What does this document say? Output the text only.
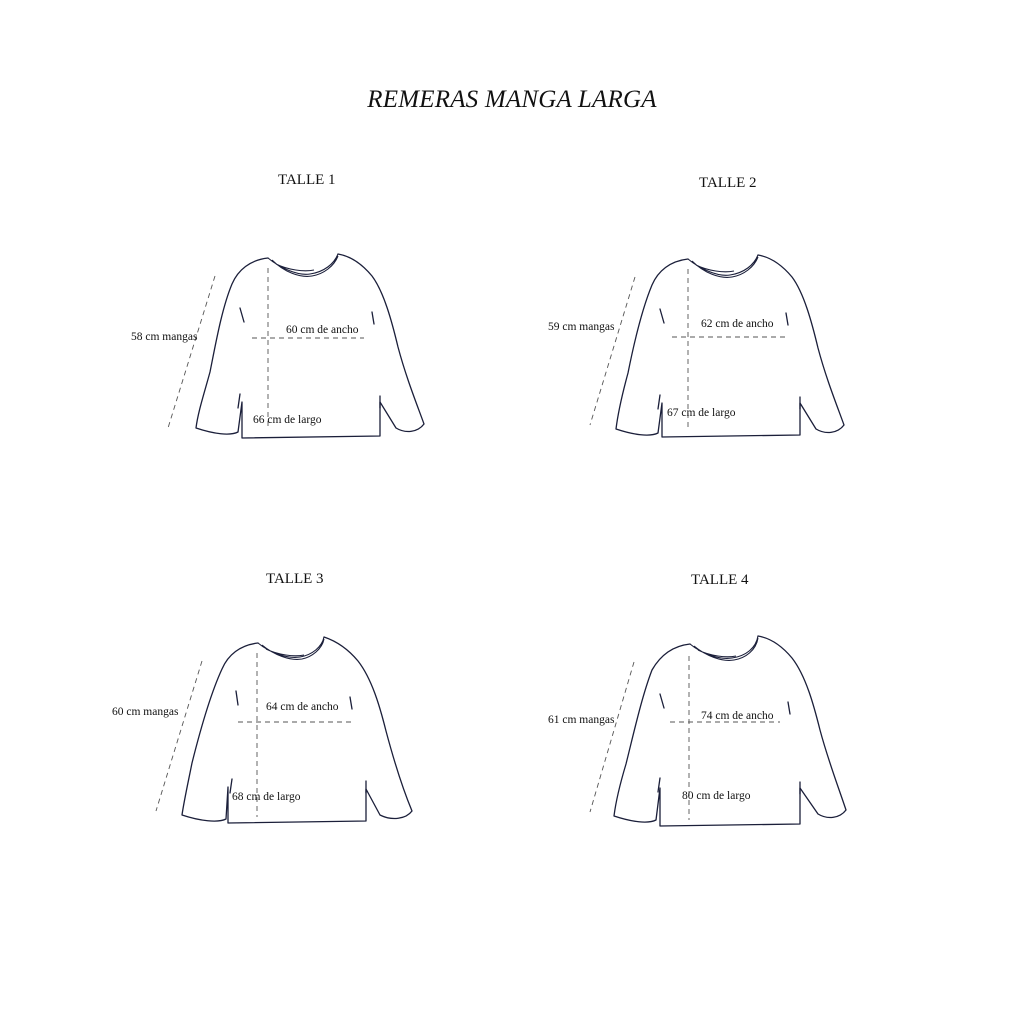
REMERAS MANGA LARGA
TALLE 1
58 cm mangas
60 cm de ancho
66 cm de largo
TALLE 2
59 cm mangas	62 cm de ancho
67 cm de largo
TALLE 3
60 cm mangas	64 cm de ancho
68 cm de largo
TALLE 4
61 cm mangas	74 cm de ancho
80 cm de largo
